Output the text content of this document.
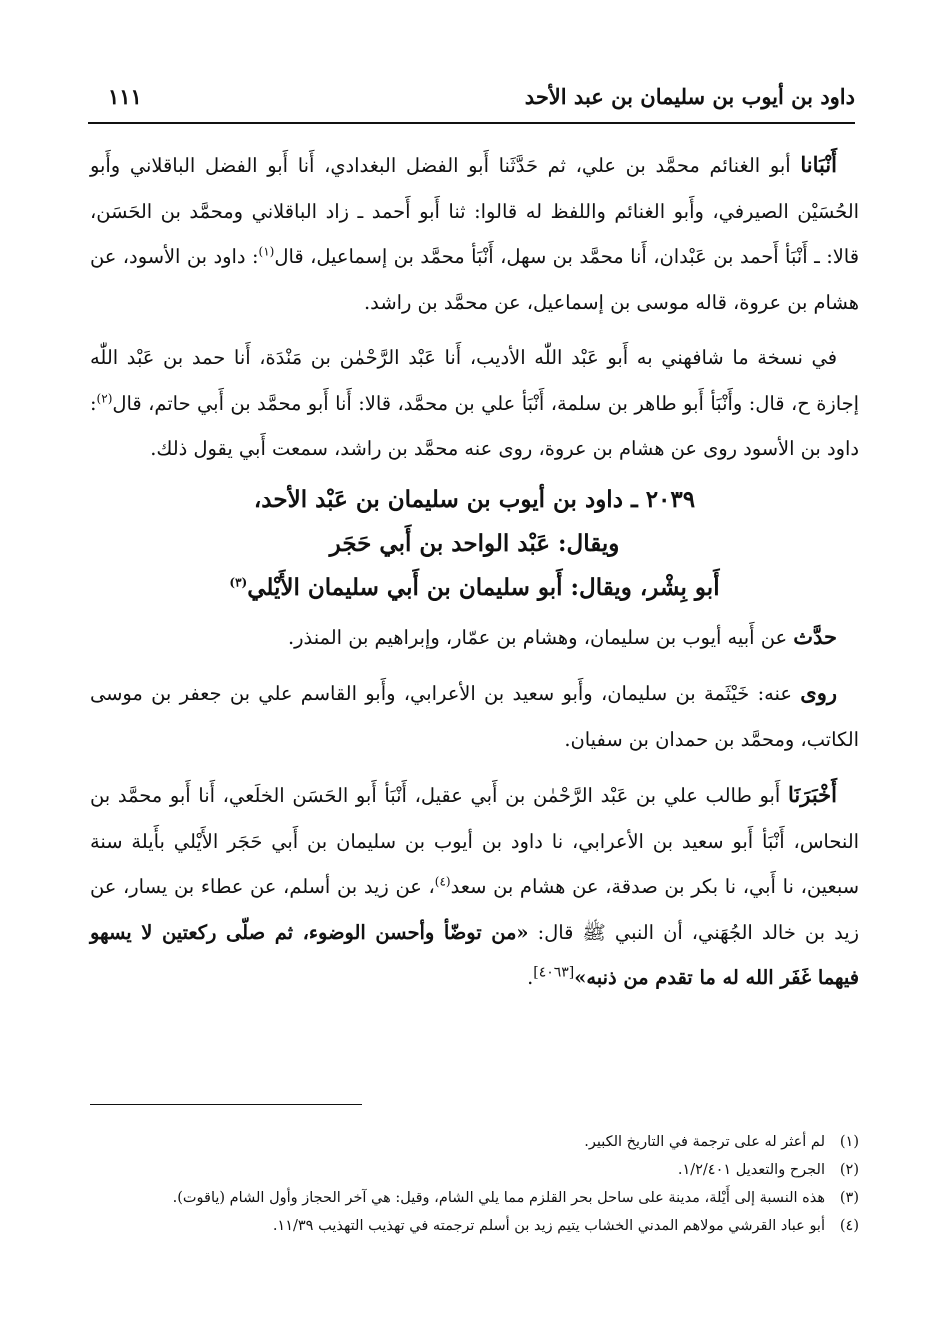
داود بن أيوب بن سليمان بن عبد الأحد
١١١

أَنْبَانا أبو الغنائم محمَّد بن علي، ثم حَدَّثَنا أَبو الفضل البغدادي، أَنا أَبو الفضل الباقلاني وأَبو الحُسَيْن الصيرفي، وأَبو الغنائم واللفظ له قالوا: ثنا أَبو أَحمد ـ زاد الباقلاني ومحمَّد بن الحَسَن، قالا: ـ أَنْبَأ أَحمد بن عَبْدان، أَنا محمَّد بن سهل، أَنْبَأ محمَّد بن إسماعيل، قال$^{(١)}$: داود بن الأسود، عن هشام بن عروة، قاله موسى بن إسماعيل، عن محمَّد بن راشد.

في نسخة ما شافهني به أَبو عَبْد اللّٰه الأديب، أَنا عَبْد الرَّحْمٰن بن مَنْدَة، أَنا حمد بن عَبْد اللّٰه إجازة ح، قال: وأَنْبَأ أَبو طاهر بن سلمة، أَنْبَأ علي بن محمَّد، قالا: أَنا أَبو محمَّد بن أَبي حاتم، قال$^{(٢)}$: داود بن الأسود روى عن هشام بن عروة، روى عنه محمَّد بن راشد، سمعت أَبي يقول ذلك.

٢٠٣٩ ـ داود بن أيوب بن سليمان بن عَبْد الأحد،
ويقال: عَبْد الواحد بن أَبي حَجَر
أَبو بِشْر، ويقال: أَبو سليمان بن أَبي سليمان الأَيْلي$^{(٣)}$

حدَّث عن أَبيه أيوب بن سليمان، وهشام بن عمّار، وإبراهيم بن المنذر.

روى عنه: خَيْثَمة بن سليمان، وأَبو سعيد بن الأعرابي، وأَبو القاسم علي بن جعفر بن موسى الكاتب، ومحمَّد بن حمدان بن سفيان.

أَخْبَرَنَا أَبو طالب علي بن عَبْد الرَّحْمٰن بن أَبي عقيل، أَنْبَأ أَبو الحَسَن الخلَعي، أَنا أَبو محمَّد بن النحاس، أَنْبَأ أَبو سعيد بن الأعرابي، نا داود بن أيوب بن سليمان بن أَبي حَجَر الأَيْلي بأَيلة سنة سبعين، نا أَبي، نا بكر بن صدقة، عن هشام بن سعد$^{(٤)}$، عن زيد بن أسلم، عن عطاء بن يسار، عن زيد بن خالد الجُهَني، أن النبي ﷺ قال: «من توضّأ وأحسن الوضوء، ثم صلّى ركعتين لا يسهو فيهما غَفَر الله له ما تقدم من ذنبه»[٤٠٦٣].

(١)
لم أعثر له على ترجمة في التاريخ الكبير.
(٢)
الجرح والتعديل ١/٢/٤٠١.
(٣)
هذه النسبة إلى أَيْلة، مدينة على ساحل بحر القلزم مما يلي الشام، وقيل: هي آخر الحجاز وأول الشام (ياقوت).
(٤)
أبو عباد القرشي مولاهم المدني الخشاب يتيم زيد بن أسلم ترجمته في تهذيب التهذيب ١١/٣٩.
